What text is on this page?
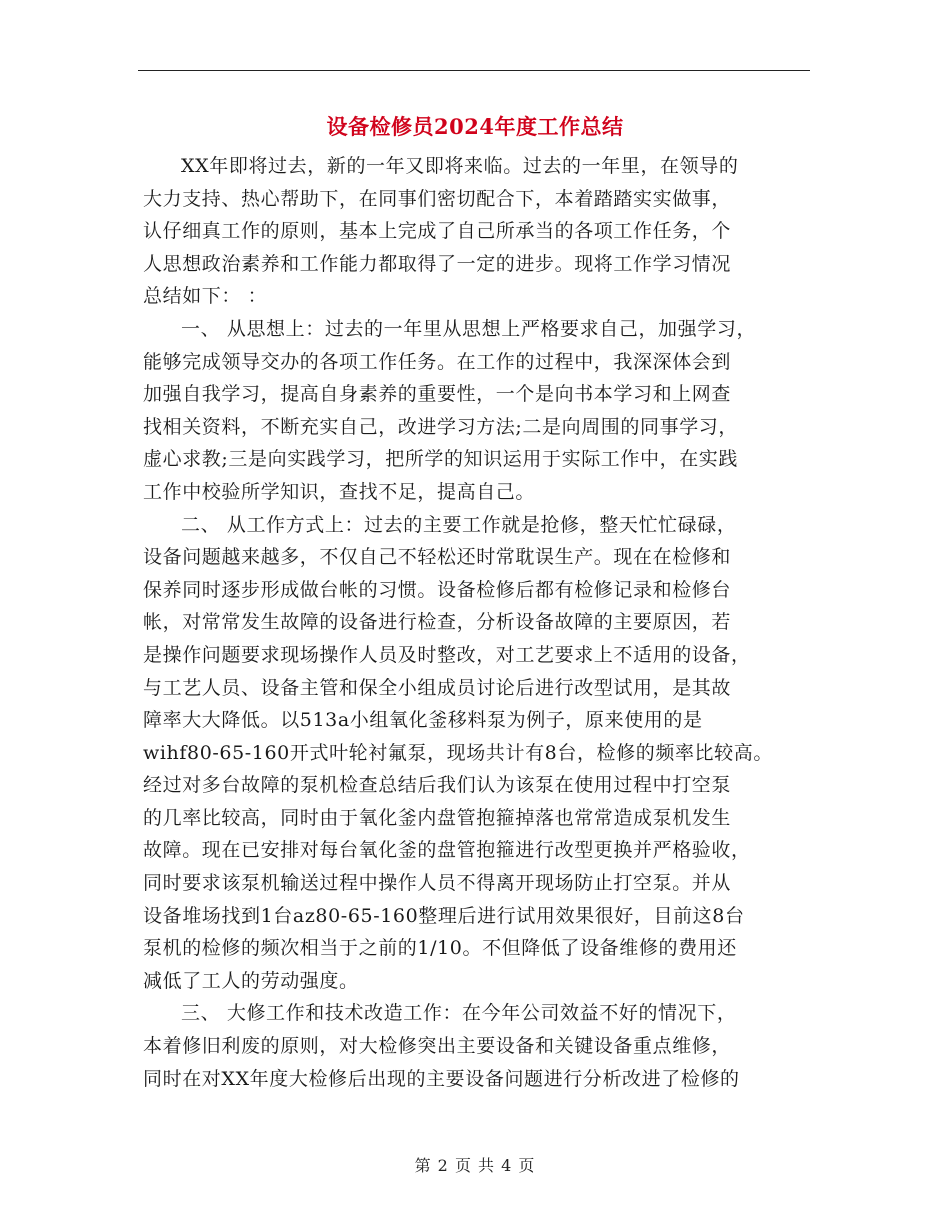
设备检修员2024年度工作总结
XX年即将过去，新的一年又即将来临。过去的一年里，在领导的
大力支持、热心帮助下，在同事们密切配合下，本着踏踏实实做事，
认仔细真工作的原则，基本上完成了自己所承当的各项工作任务，个
人思想政治素养和工作能力都取得了一定的进步。现将工作学习情况
总结如下： ：
一、 从思想上：过去的一年里从思想上严格要求自己，加强学习，
能够完成领导交办的各项工作任务。在工作的过程中，我深深体会到
加强自我学习，提高自身素养的重要性，一个是向书本学习和上网查
找相关资料，不断充实自己，改进学习方法;二是向周围的同事学习，
虚心求教;三是向实践学习，把所学的知识运用于实际工作中，在实践
工作中校验所学知识，查找不足，提高自己。
二、 从工作方式上：过去的主要工作就是抢修，整天忙忙碌碌，
设备问题越来越多，不仅自己不轻松还时常耽误生产。现在在检修和
保养同时逐步形成做台帐的习惯。设备检修后都有检修记录和检修台
帐，对常常发生故障的设备进行检查，分析设备故障的主要原因，若
是操作问题要求现场操作人员及时整改，对工艺要求上不适用的设备，
与工艺人员、设备主管和保全小组成员讨论后进行改型试用，是其故
障率大大降低。以513a小组氧化釜移料泵为例子，原来使用的是
wihf80-65-160开式叶轮衬氟泵，现场共计有8台，检修的频率比较高。
经过对多台故障的泵机检查总结后我们认为该泵在使用过程中打空泵
的几率比较高，同时由于氧化釜内盘管抱箍掉落也常常造成泵机发生
故障。现在已安排对每台氧化釜的盘管抱箍进行改型更换并严格验收，
同时要求该泵机输送过程中操作人员不得离开现场防止打空泵。并从
设备堆场找到1台az80-65-160整理后进行试用效果很好，目前这8台
泵机的检修的频次相当于之前的1/10。不但降低了设备维修的费用还
减低了工人的劳动强度。
三、 大修工作和技术改造工作：在今年公司效益不好的情况下，
本着修旧利废的原则，对大检修突出主要设备和关键设备重点维修，
同时在对XX年度大检修后出现的主要设备问题进行分析改进了检修的
第 2 页 共 4 页
